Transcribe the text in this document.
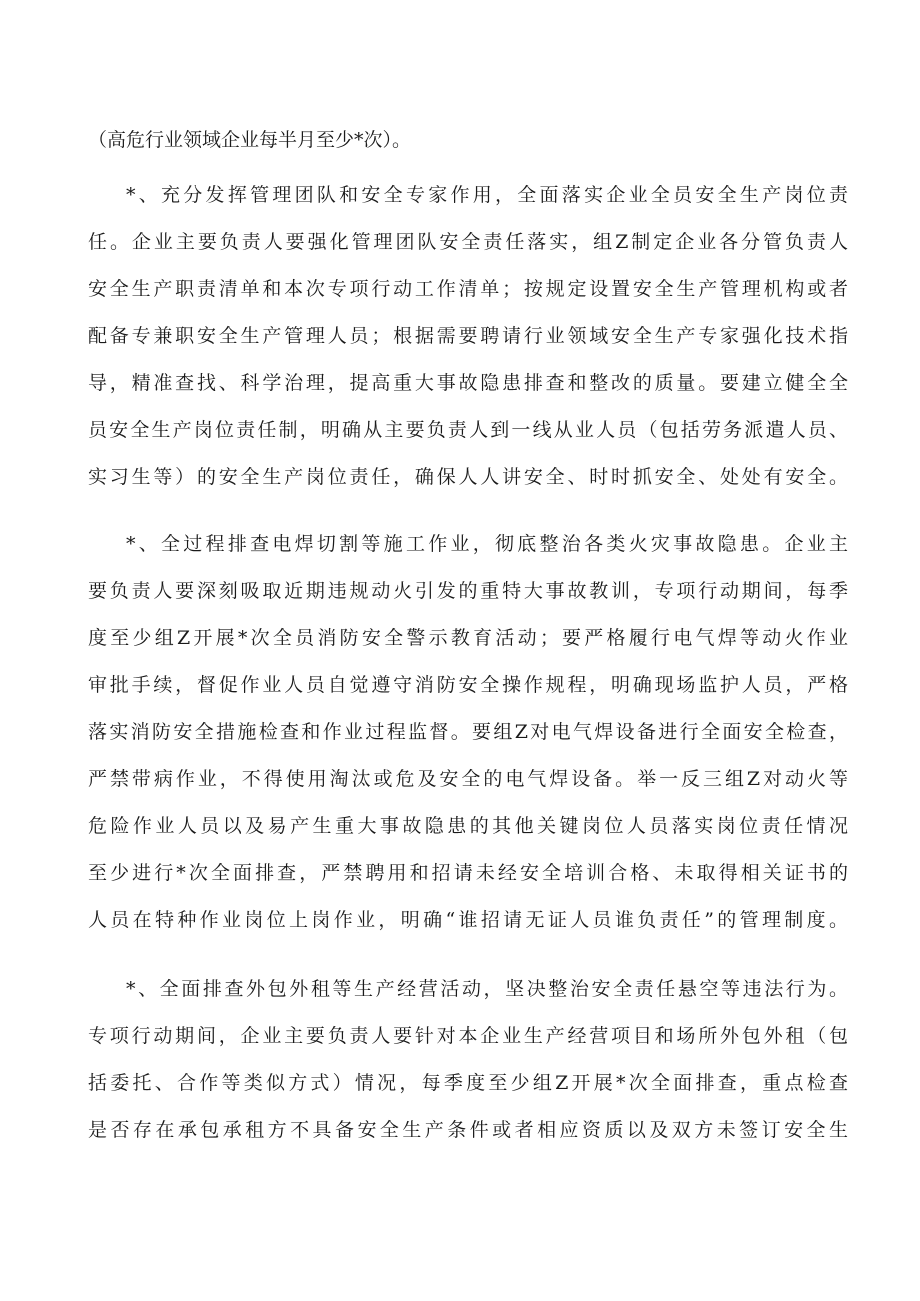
（高危行业领域企业每半月至少*次）。
*、充分发挥管理团队和安全专家作用，全面落实企业全员安全生产岗位责
任。企业主要负责人要强化管理团队安全责任落实，组Z制定企业各分管负责人
安全生产职责清单和本次专项行动工作清单；按规定设置安全生产管理机构或者
配备专兼职安全生产管理人员；根据需要聘请行业领域安全生产专家强化技术指
导，精准查找、科学治理，提高重大事故隐患排查和整改的质量。要建立健全全
员安全生产岗位责任制，明确从主要负责人到一线从业人员（包括劳务派遣人员、
实习生等）的安全生产岗位责任，确保人人讲安全、时时抓安全、处处有安全。
*、全过程排查电焊切割等施工作业，彻底整治各类火灾事故隐患。企业主
要负责人要深刻吸取近期违规动火引发的重特大事故教训，专项行动期间，每季
度至少组Z开展*次全员消防安全警示教育活动；要严格履行电气焊等动火作业
审批手续，督促作业人员自觉遵守消防安全操作规程，明确现场监护人员，严格
落实消防安全措施检查和作业过程监督。要组Z对电气焊设备进行全面安全检查，
严禁带病作业，不得使用淘汰或危及安全的电气焊设备。举一反三组Z对动火等
危险作业人员以及易产生重大事故隐患的其他关键岗位人员落实岗位责任情况
至少进行*次全面排查，严禁聘用和招请未经安全培训合格、未取得相关证书的
人员在特种作业岗位上岗作业，明确“谁招请无证人员谁负责任”的管理制度。
*、全面排查外包外租等生产经营活动，坚决整治安全责任悬空等违法行为。
专项行动期间，企业主要负责人要针对本企业生产经营项目和场所外包外租（包
括委托、合作等类似方式）情况，每季度至少组Z开展*次全面排查，重点检查
是否存在承包承租方不具备安全生产条件或者相应资质以及双方未签订安全生
